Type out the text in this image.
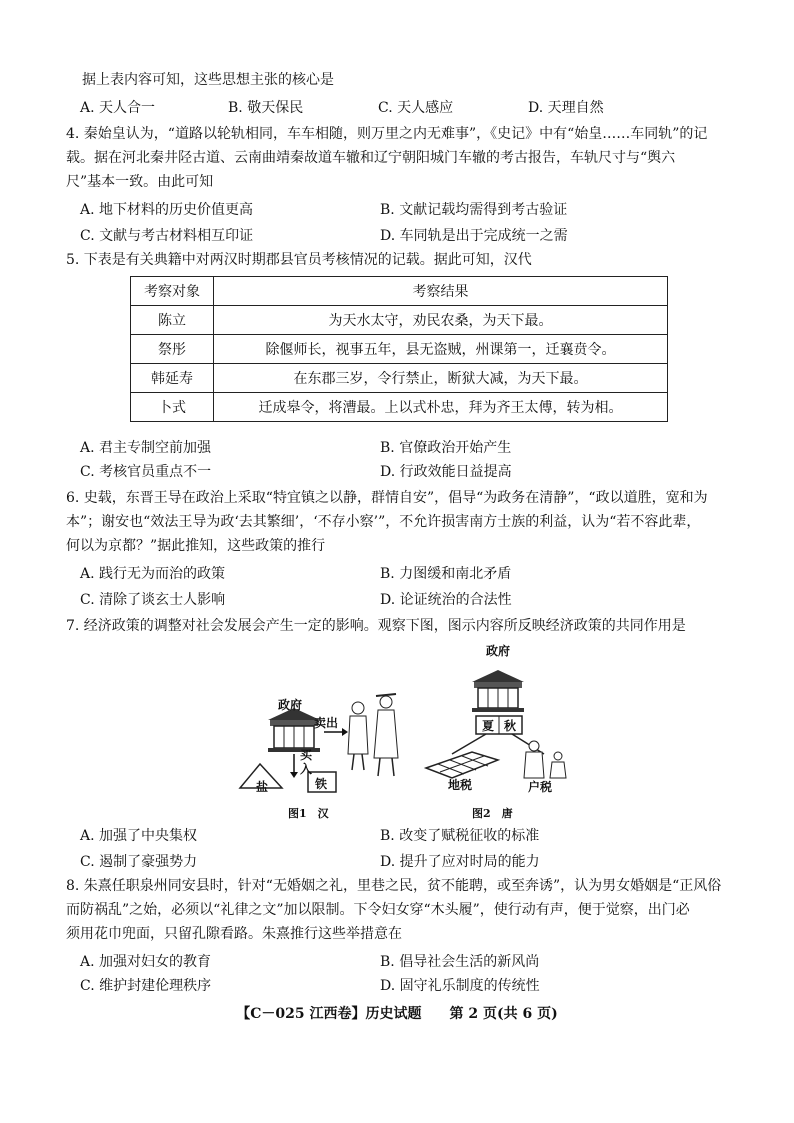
据上表内容可知，这些思想主张的核心是
A. 天人合一	B. 敬天保民	C. 天人感应	D. 天理自然
4. 秦始皇认为，“道路以轮轨相同，车车相随，则万里之内无难事”，《史记》中有“始皇……车同轨”的记
载。据在河北秦井陉古道、云南曲靖秦故道车辙和辽宁朝阳城门车辙的考古报告，车轨尺寸与“舆六
尺”基本一致。由此可知
A. 地下材料的历史价值更高	B. 文献记载均需得到考古验证
C. 文献与考古材料相互印证	D. 车同轨是出于完成统一之需
5. 下表是有关典籍中对两汉时期郡县官员考核情况的记载。据此可知，汉代
考察对象	考察结果
陈立	为天水太守，劝民农桑，为天下最。
祭彤	除偃师长，视事五年，县无盗贼，州课第一，迁襄贲令。
韩延寿	在东郡三岁，令行禁止，断狱大减，为天下最。
卜式	迁成皋令，将漕最。上以式朴忠，拜为齐王太傅，转为相。
A. 君主专制空前加强	B. 官僚政治开始产生
C. 考核官员重点不一	D. 行政效能日益提高
6. 史载，东晋王导在政治上采取“特宜镇之以静，群情自安”，倡导“为政务在清静”，“政以道胜，宽和为
本”；谢安也“效法王导为政‘去其繁细’，‘不存小察’”，不允许损害南方士族的利益，认为“若不容此辈，
何以为京都？”据此推知，这些政策的推行
A. 践行无为而治的政策	B. 力图缓和南北矛盾
C. 清除了谈玄士人影响	D. 论证统治的合法性
7. 经济政策的调整对社会发展会产生一定的影响。观察下图，图示内容所反映经济政策的共同作用是
政府
卖出
买入
盐	铁
图1　汉
政府
夏 秋
地税	户税
图2　唐
A. 加强了中央集权	B. 改变了赋税征收的标准
C. 遏制了豪强势力	D. 提升了应对时局的能力
8. 朱熹任职泉州同安县时，针对“无婚姻之礼，里巷之民，贫不能聘，或至奔诱”，认为男女婚姻是“正风俗
而防祸乱”之始，必须以“礼律之文”加以限制。下令妇女穿“木头履”，使行动有声，便于觉察，出门必
须用花巾兜面，只留孔隙看路。朱熹推行这些举措意在
A. 加强对妇女的教育	B. 倡导社会生活的新风尚
C. 维护封建伦理秩序	D. 固守礼乐制度的传统性
【C－025 江西卷】历史试题　　第 2 页(共 6 页)
